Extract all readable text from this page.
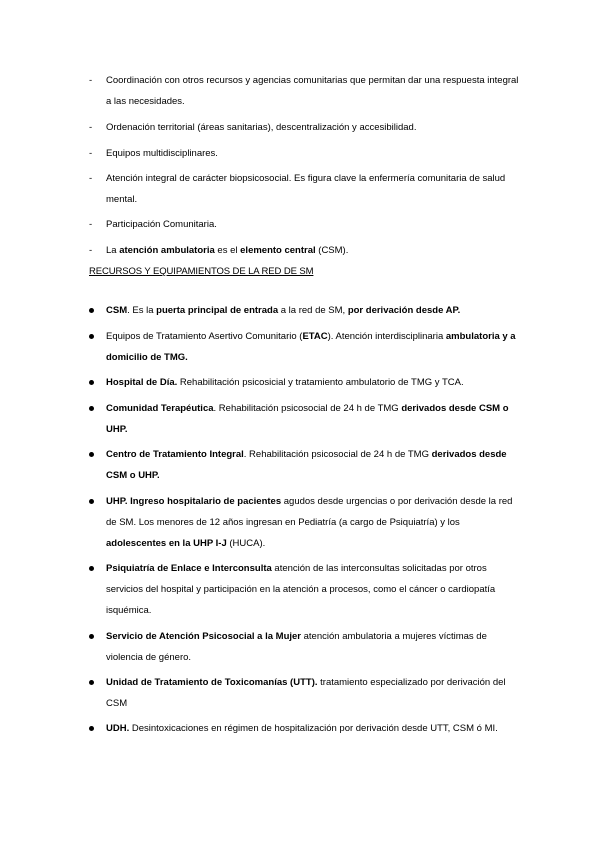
- Coordinación con otros recursos y agencias comunitarias que permitan dar una respuesta integral a las necesidades.
- Ordenación territorial (áreas sanitarias), descentralización y accesibilidad.
- Equipos multidisciplinares.
- Atención integral de carácter biopsicosocial. Es figura clave la enfermería comunitaria de salud mental.
- Participación Comunitaria.
- La atención ambulatoria es el elemento central (CSM).
RECURSOS Y EQUIPAMIENTOS DE LA RED DE SM
CSM. Es la puerta principal de entrada a la red de SM, por derivación desde AP.
Equipos de Tratamiento Asertivo Comunitario (ETAC). Atención interdisciplinaria ambulatoria y a domicilio de TMG.
Hospital de Día. Rehabilitación psicosicial y tratamiento ambulatorio de TMG y TCA.
Comunidad Terapéutica. Rehabilitación psicosocial de 24 h de TMG derivados desde CSM o UHP.
Centro de Tratamiento Integral. Rehabilitación psicosocial de 24 h de TMG derivados desde CSM o UHP.
UHP. Ingreso hospitalario de pacientes agudos desde urgencias o por derivación desde la red de SM. Los menores de 12 años ingresan en Pediatría (a cargo de Psiquiatría) y los adolescentes en la UHP I-J (HUCA).
Psiquiatría de Enlace e Interconsulta atención de las interconsultas solicitadas por otros servicios del hospital y participación en la atención a procesos, como el cáncer o cardiopatía isquémica.
Servicio de Atención Psicosocial a la Mujer atención ambulatoria a mujeres víctimas de violencia de género.
Unidad de Tratamiento de Toxicomanías (UTT). tratamiento especializado por derivación del CSM
UDH. Desintoxicaciones en régimen de hospitalización por derivación desde UTT, CSM ó MI.
